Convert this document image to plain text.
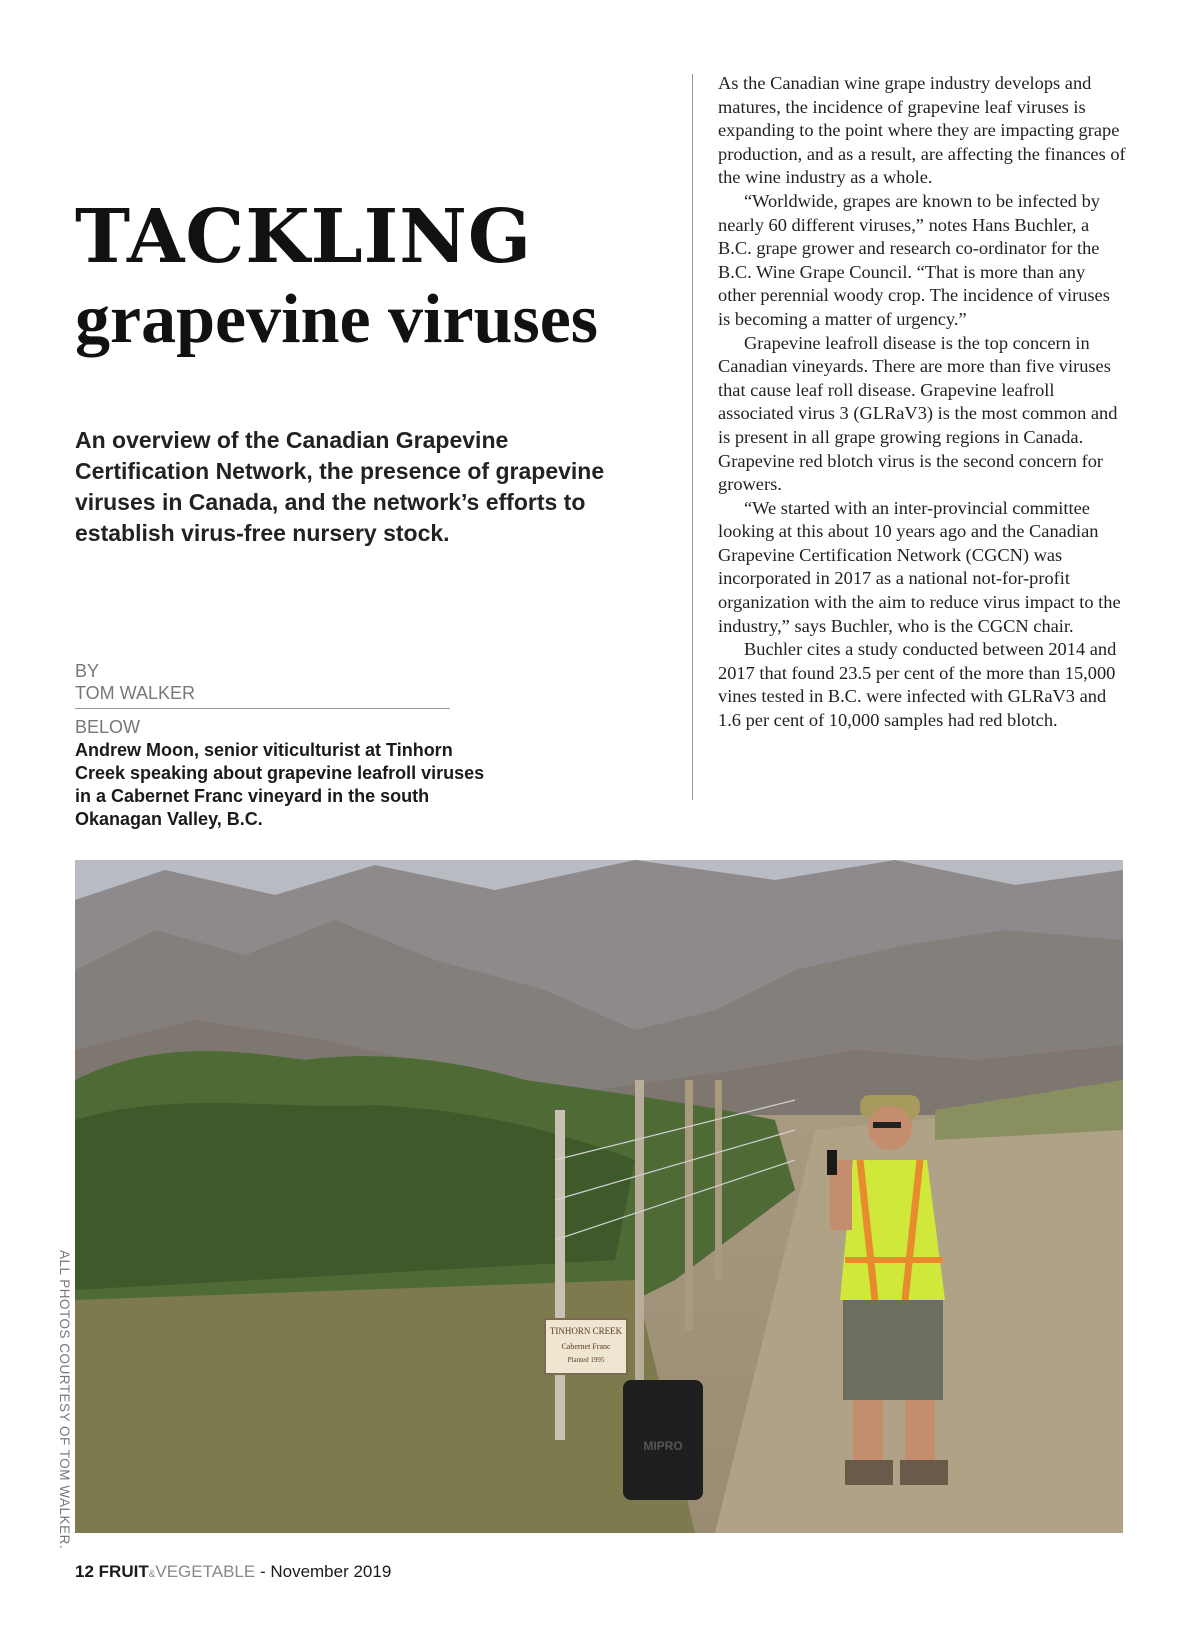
TACKLING
grapevine viruses

An overview of the Canadian Grapevine Certification Network, the presence of grapevine viruses in Canada, and the network’s efforts to establish virus-free nursery stock.

BY
TOM WALKER
BELOW
Andrew Moon, senior viticulturist at Tinhorn Creek speaking about grapevine leafroll viruses in a Cabernet Franc vineyard in the south Okanagan Valley, B.C.

As the Canadian wine grape industry develops and matures, the incidence of grapevine leaf viruses is expanding to the point where they are impacting grape production, and as a result, are affecting the finances of the wine industry as a whole.

“Worldwide, grapes are known to be infected by nearly 60 different viruses,” notes Hans Buchler, a B.C. grape grower and research co-ordinator for the B.C. Wine Grape Council. “That is more than any other perennial woody crop. The incidence of viruses is becoming a matter of urgency.”

Grapevine leafroll disease is the top concern in Canadian vineyards. There are more than five viruses that cause leaf roll disease. Grapevine leafroll associated virus 3 (GLRaV3) is the most common and is present in all grape growing regions in Canada. Grapevine red blotch virus is the second concern for growers.

“We started with an inter-provincial committee looking at this about 10 years ago and the Canadian Grapevine Certification Network (CGCN) was incorporated in 2017 as a national not-for-profit organization with the aim to reduce virus impact to the industry,” says Buchler, who is the CGCN chair.

Buchler cites a study conducted between 2014 and 2017 that found 23.5 per cent of the more than 15,000 vines tested in B.C. were infected with GLRaV3 and 1.6 per cent of 10,000 samples had red blotch.

TINHORN CREEK
Cabernet Franc
Planted 1995
MIPRO
ALL PHOTOS COURTESY OF TOM WALKER.
12 FRUIT&VEGETABLE - November 2019
